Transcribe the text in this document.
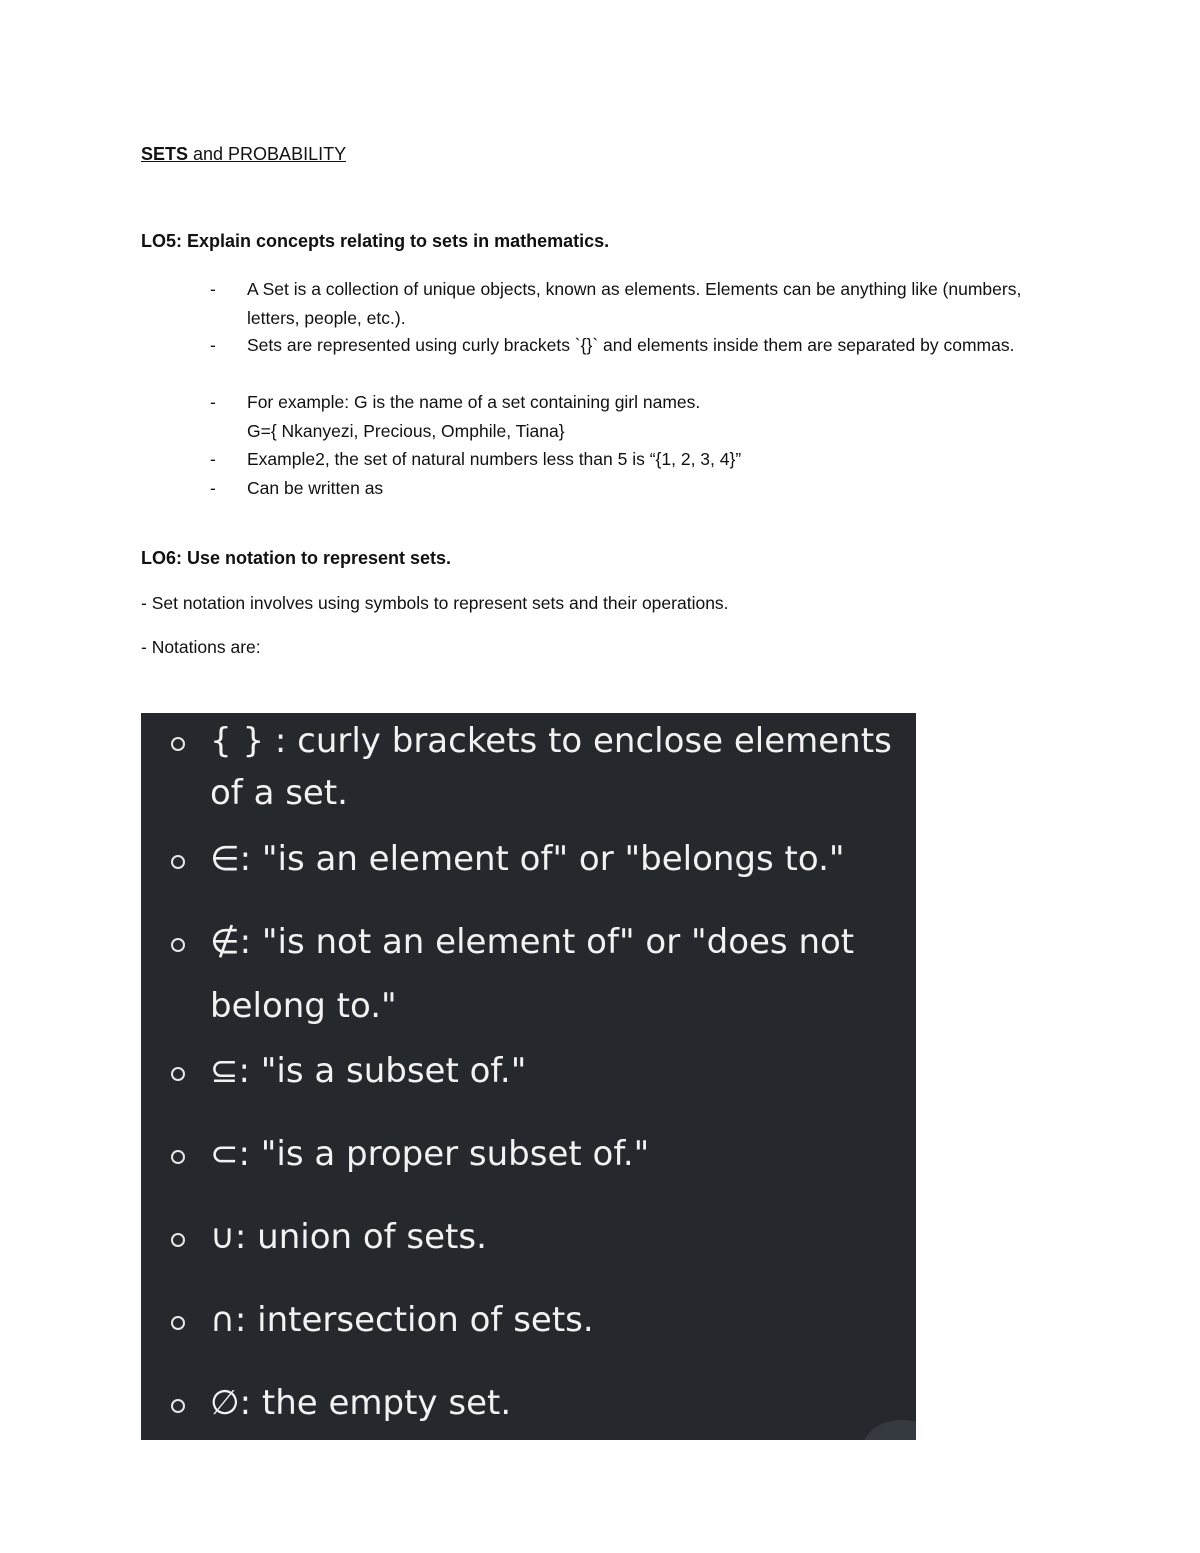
SETS and PROBABILITY
LO5: Explain concepts relating to sets in mathematics.
- A Set is a collection of unique objects, known as elements. Elements can be anything like (numbers, letters, people, etc.).
- Sets are represented using curly brackets `{}` and elements inside them are separated by commas.
- For example: G is the name of a set containing girl names.
G={ Nkanyezi, Precious, Omphile, Tiana}
- Example2, the set of natural numbers less than 5 is “{1, 2, 3, 4}”
- Can be written as
LO6: Use notation to represent sets.
- Set notation involves using symbols to represent sets and their operations.
- Notations are:
{ } : curly brackets to enclose elements of a set.
∈: "is an element of" or "belongs to."
∉: "is not an element of" or "does not belong to."
⊆: "is a subset of."
⊂: "is a proper subset of."
∪: union of sets.
∩: intersection of sets.
∅: the empty set.
